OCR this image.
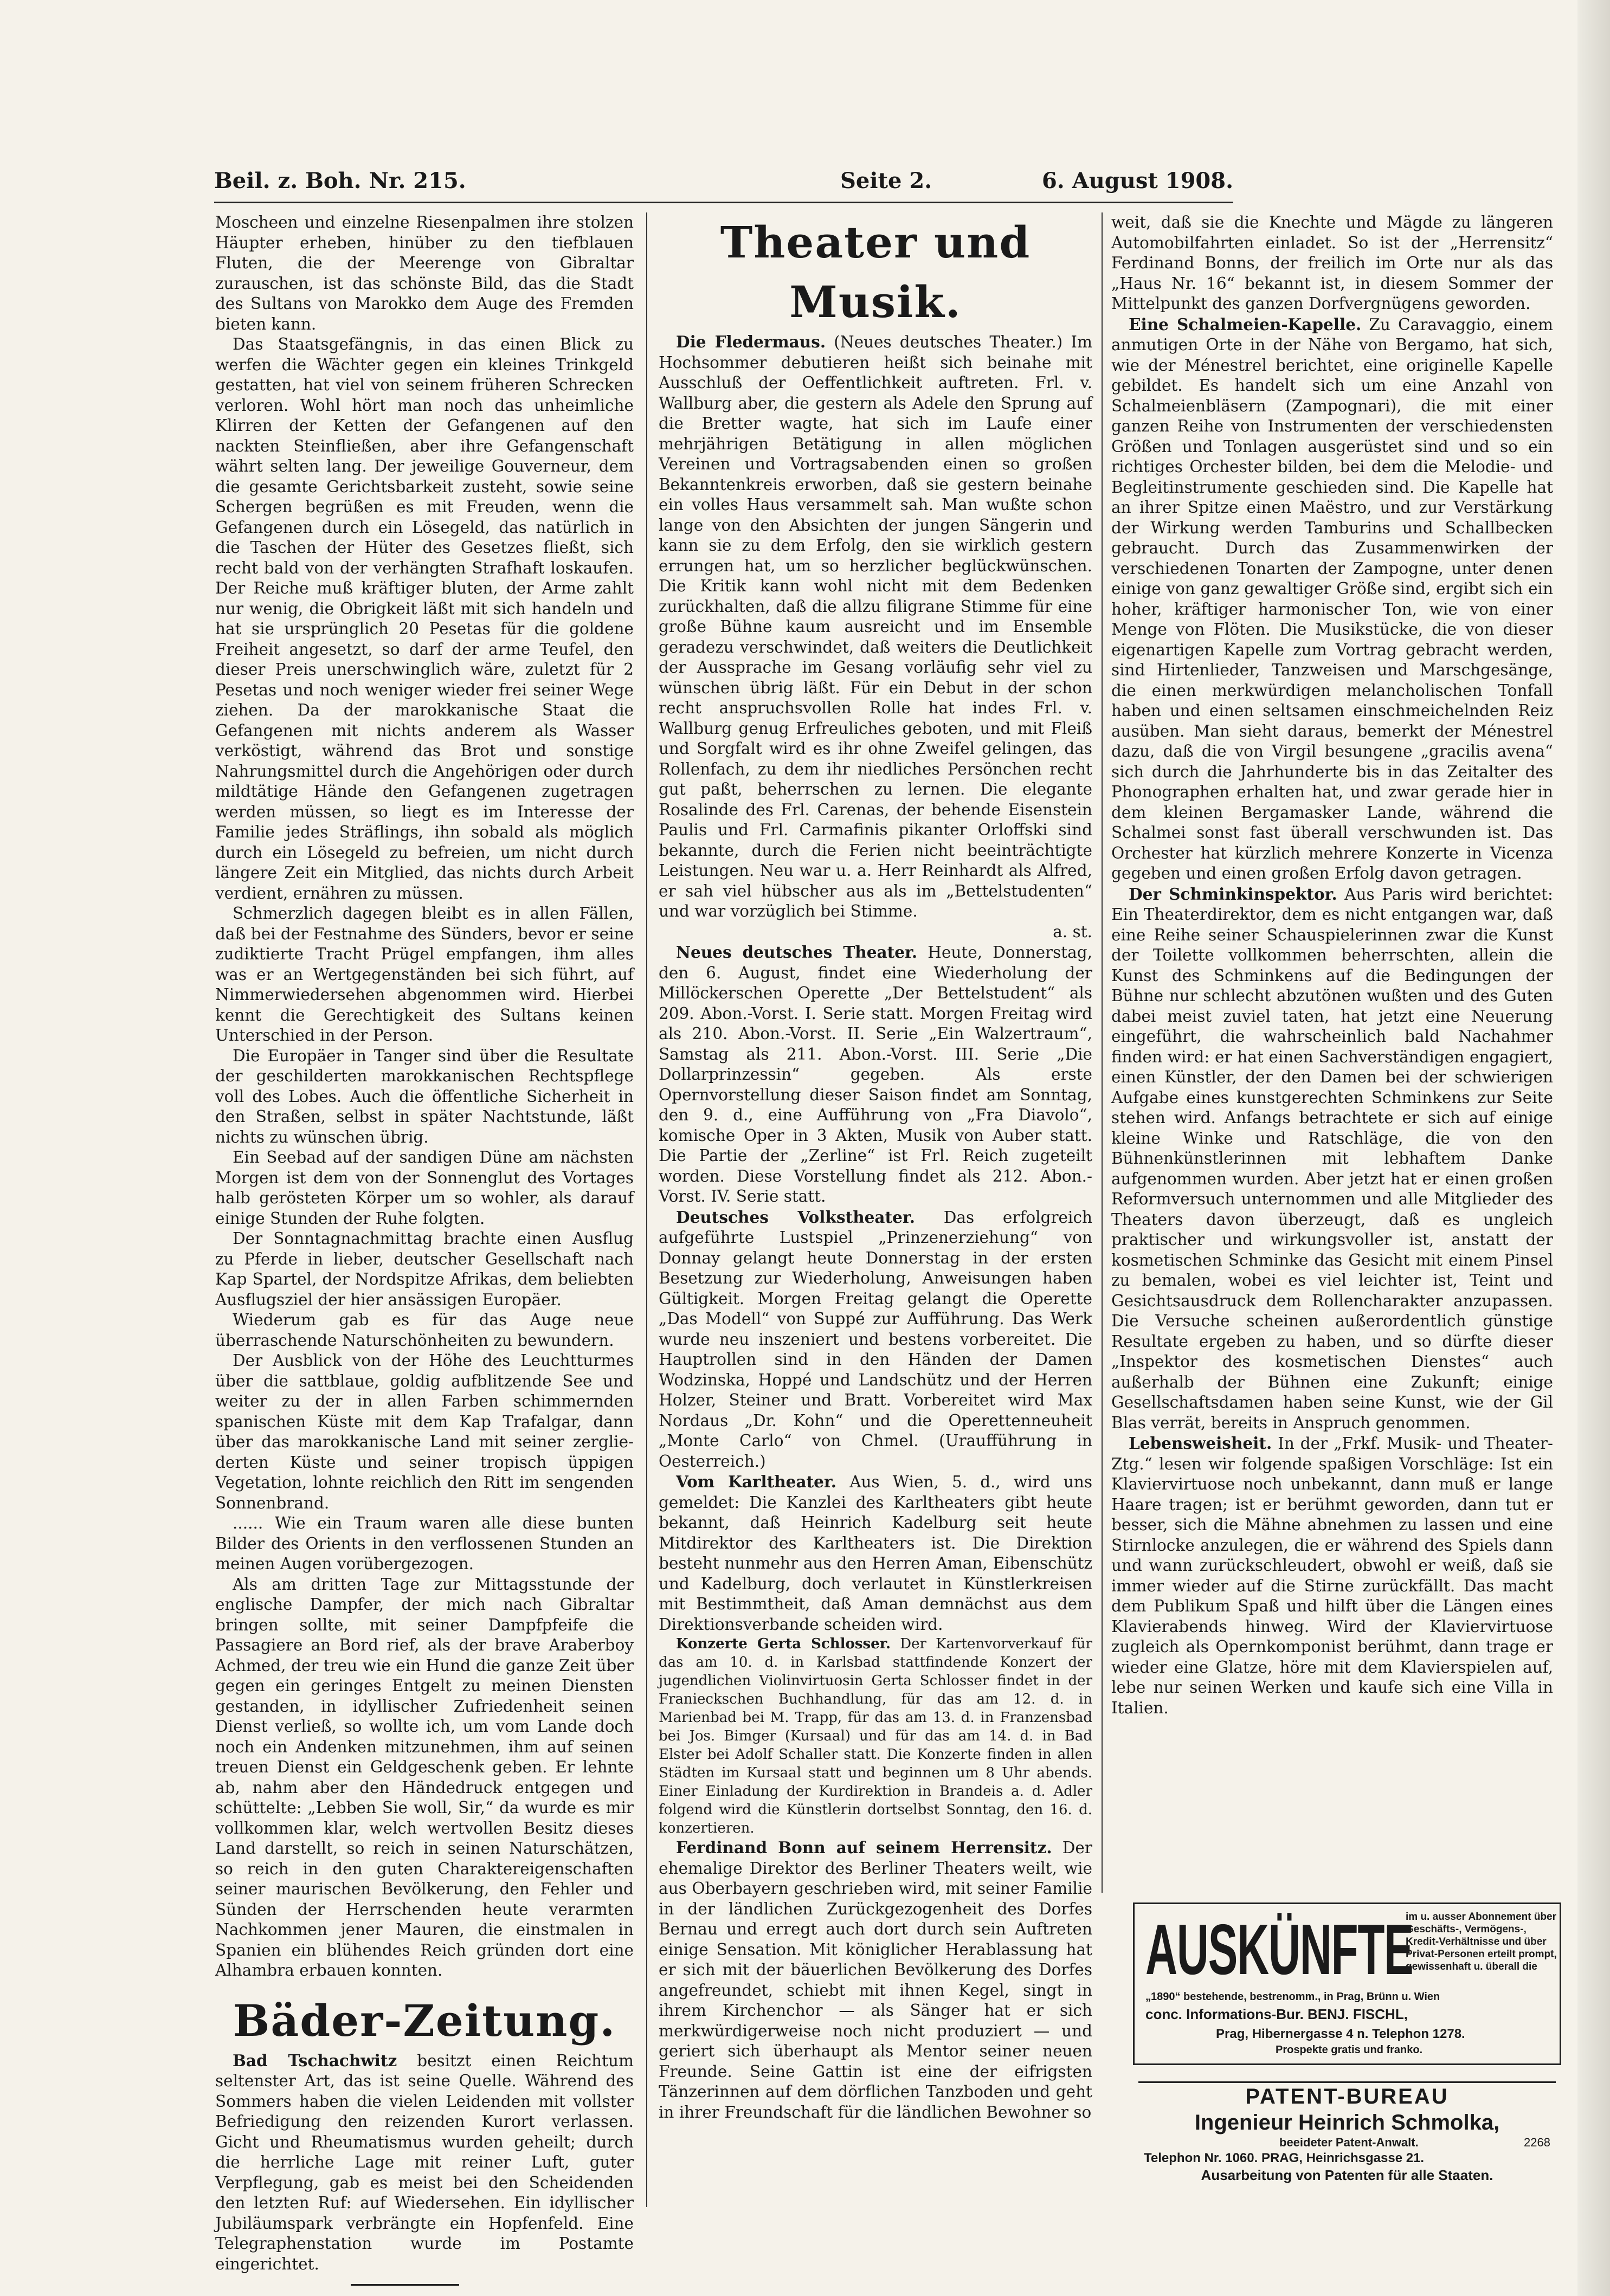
Beil. z. Boh. Nr. 215.	Seite 2.	6. August 1908.

Moscheen und einzelne Riesenpalmen ihre stolzen Häupter erheben, hinüber zu den tiefblauen Fluten, die der Meerenge von Gibraltar zurauschen, ist das schönste Bild, das die Stadt des Sultans von Marokko dem Auge des Fremden bieten kann.

Das Staatsgefängnis, in das einen Blick zu werfen die Wächter gegen ein kleines Trinkgeld gestatten, hat viel von seinem früheren Schrecken verloren. Wohl hört man noch das unheimliche Klirren der Ketten der Gefangenen auf den nackten Steinfließen, aber ihre Gefangenschaft währt selten lang. Der jeweilige Gouverneur, dem die gesamte Gerichtsbarkeit zusteht, sowie seine Schergen begrüßen es mit Freuden, wenn die Gefangenen durch ein Lösegeld, das natürlich in die Taschen der Hüter des Gesetzes fließt, sich recht bald von der verhängten Strafhaft loskaufen. Der Reiche muß kräftiger bluten, der Arme zahlt nur wenig, die Obrigkeit läßt mit sich handeln und hat sie ursprünglich 20 Pesetas für die goldene Freiheit angesetzt, so darf der arme Teufel, den dieser Preis unerschwinglich wäre, zuletzt für 2 Pesetas und noch weniger wieder frei seiner Wege ziehen. Da der marokkanische Staat die Gefangenen mit nichts anderem als Wasser verköstigt, während das Brot und sonstige Nahrungsmittel durch die Angehörigen oder durch mildtätige Hände den Gefangenen zugetragen werden müssen, so liegt es im Interesse der Familie jedes Sträflings, ihn sobald als möglich durch ein Lösegeld zu befreien, um nicht durch längere Zeit ein Mitglied, das nichts durch Arbeit verdient, ernähren zu müssen.

Schmerzlich dagegen bleibt es in allen Fällen, daß bei der Festnahme des Sünders, bevor er seine zudiktierte Tracht Prügel empfangen, ihm alles was er an Wertgegenständen bei sich führt, auf Nimmerwiedersehen abgenommen wird. Hierbei kennt die Gerechtigkeit des Sultans keinen Unterschied in der Person.

Die Europäer in Tanger sind über die Resultate der geschilderten marokkanischen Rechtspflege voll des Lobes. Auch die öffentliche Sicherheit in den Straßen, selbst in später Nachtstunde, läßt nichts zu wünschen übrig.

Ein Seebad auf der sandigen Düne am nächsten Morgen ist dem von der Sonnenglut des Vortages halb gerösteten Körper um so wohler, als darauf einige Stunden der Ruhe folgten.

Der Sonntagnachmittag brachte einen Ausflug zu Pferde in lieber, deutscher Gesellschaft nach Kap Spartel, der Nordspitze Afrikas, dem beliebten Ausflugsziel der hier ansässigen Europäer.

Wiederum gab es für das Auge neue überraschende Naturschönheiten zu bewundern.

Der Ausblick von der Höhe des Leuchtturmes über die sattblaue, goldig aufblitzende See und weiter zu der in allen Farben schimmernden spanischen Küste mit dem Kap Trafalgar, dann über das marokkanische Land mit seiner zergliederten Küste und seiner tropisch üppigen Vegetation, lohnte reichlich den Ritt im sengenden Sonnenbrand.

...... Wie ein Traum waren alle diese bunten Bilder des Orients in den verflossenen Stunden an meinen Augen vorübergezogen.

Als am dritten Tage zur Mittagsstunde der englische Dampfer, der mich nach Gibraltar bringen sollte, mit seiner Dampfpfeife die Passagiere an Bord rief, als der brave Araberboy Achmed, der treu wie ein Hund die ganze Zeit über gegen ein geringes Entgelt zu meinen Diensten gestanden, in idyllischer Zufriedenheit seinen Dienst verließ, so wollte ich, um vom Lande doch noch ein Andenken mitzunehmen, ihm auf seinen treuen Dienst ein Geldgeschenk geben. Er lehnte ab, nahm aber den Händedruck entgegen und schüttelte: „Lebben Sie woll, Sir,“ da wurde es mir vollkommen klar, welch wertvollen Besitz dieses Land darstellt, so reich in seinen Naturschätzen, so reich in den guten Charaktereigenschaften seiner maurischen Bevölkerung, den Fehler und Sünden der Herrschenden heute verarmten Nachkommen jener Mauren, die einstmalen in Spanien ein blühendes Reich gründen dort eine Alhambra erbauen konnten.

Bäder-Zeitung.

Bad Tschachwitz besitzt einen Reichtum seltenster Art, das ist seine Quelle. Während des Sommers haben die vielen Leidenden mit vollster Befriedigung den reizenden Kurort verlassen. Gicht und Rheumatismus wurden geheilt; durch die herrliche Lage mit reiner Luft, guter Verpflegung, gab es meist bei den Scheidenden den letzten Ruf: auf Wiedersehen. Ein idyllischer Jubiläumspark verbrängte ein Hopfenfeld. Eine Telegraphenstation wurde im Postamte eingerichtet.

Theater und Musik.

Die Fledermaus. (Neues deutsches Theater.) Im Hochsommer debutieren heißt sich beinahe mit Ausschluß der Oeffentlichkeit auftreten. Frl. v. Wallburg aber, die gestern als Adele den Sprung auf die Bretter wagte, hat sich im Laufe einer mehrjährigen Betätigung in allen möglichen Vereinen und Vortragsabenden einen so großen Bekanntenkreis erworben, daß sie gestern beinahe ein volles Haus versammelt sah. Man wußte schon lange von den Absichten der jungen Sängerin und kann sie zu dem Erfolg, den sie wirklich gestern errungen hat, um so herzlicher beglückwünschen. Die Kritik kann wohl nicht mit dem Bedenken zurückhalten, daß die allzu filigrane Stimme für eine große Bühne kaum ausreicht und im Ensemble geradezu verschwindet, daß weiters die Deutlichkeit der Aussprache im Gesang vorläufig sehr viel zu wünschen übrig läßt. Für ein Debut in der schon recht anspruchsvollen Rolle hat indes Frl. v. Wallburg genug Erfreuliches geboten, und mit Fleiß und Sorgfalt wird es ihr ohne Zweifel gelingen, das Rollenfach, zu dem ihr niedliches Persönchen recht gut paßt, beherrschen zu lernen. Die elegante Rosalinde des Frl. Carenas, der behende Eisenstein Paulis und Frl. Carmafinis pikanter Orloffski sind bekannte, durch die Ferien nicht beeinträchtigte Leistungen. Neu war u. a. Herr Reinhardt als Alfred, er sah viel hübscher aus als im „Bettelstudenten“ und war vorzüglich bei Stimme.

a. st.

Neues deutsches Theater. Heute, Donnerstag, den 6. August, findet eine Wiederholung der Millöckerschen Operette „Der Bettelstudent“ als 209. Abon.-Vorst. I. Serie statt. Morgen Freitag wird als 210. Abon.-Vorst. II. Serie „Ein Walzertraum“, Samstag als 211. Abon.-Vorst. III. Serie „Die Dollarprinzessin“ gegeben. Als erste Opernvorstellung dieser Saison findet am Sonntag, den 9. d., eine Aufführung von „Fra Diavolo“, komische Oper in 3 Akten, Musik von Auber statt. Die Partie der „Zerline“ ist Frl. Reich zugeteilt worden. Diese Vorstellung findet als 212. Abon.-Vorst. IV. Serie statt.

Deutsches Volkstheater. Das erfolgreich aufgeführte Lustspiel „Prinzenerziehung“ von Donnay gelangt heute Donnerstag in der ersten Besetzung zur Wiederholung, Anweisungen haben Gültigkeit. Morgen Freitag gelangt die Operette „Das Modell“ von Suppé zur Aufführung. Das Werk wurde neu inszeniert und bestens vorbereitet. Die Hauptrollen sind in den Händen der Damen Wodzinska, Hoppé und Landschütz und der Herren Holzer, Steiner und Bratt. Vorbereitet wird Max Nordaus „Dr. Kohn“ und die Operettenneuheit „Monte Carlo“ von Chmel. (Uraufführung in Oesterreich.)

Vom Karltheater. Aus Wien, 5. d., wird uns gemeldet: Die Kanzlei des Karltheaters gibt heute bekannt, daß Heinrich Kadelburg seit heute Mitdirektor des Karltheaters ist. Die Direktion besteht nunmehr aus den Herren Aman, Eibenschütz und Kadelburg, doch verlautet in Künstlerkreisen mit Bestimmtheit, daß Aman demnächst aus dem Direktionsverbande scheiden wird.

Konzerte Gerta Schlosser. Der Kartenvorverkauf für das am 10. d. in Karlsbad stattfindende Konzert der jugendlichen Violinvirtuosin Gerta Schlosser findet in der Franieckschen Buchhandlung, für das am 12. d. in Marienbad bei M. Trapp, für das am 13. d. in Franzensbad bei Jos. Bimger (Kursaal) und für das am 14. d. in Bad Elster bei Adolf Schaller statt. Die Konzerte finden in allen Städten im Kursaal statt und beginnen um 8 Uhr abends. Einer Einladung der Kurdirektion in Brandeis a. d. Adler folgend wird die Künstlerin dortselbst Sonntag, den 16. d. konzertieren.

Ferdinand Bonn auf seinem Herrensitz. Der ehemalige Direktor des Berliner Theaters weilt, wie aus Oberbayern geschrieben wird, mit seiner Familie in der ländlichen Zurückgezogenheit des Dorfes Bernau und erregt auch dort durch sein Auftreten einige Sensation. Mit königlicher Herablassung hat er sich mit der bäuerlichen Bevölkerung des Dorfes angefreundet, schiebt mit ihnen Kegel, singt in ihrem Kirchenchor — als Sänger hat er sich merkwürdigerweise noch nicht produziert — und geriert sich überhaupt als Mentor seiner neuen Freunde. Seine Gattin ist eine der eifrigsten Tänzerinnen auf dem dörflichen Tanzboden und geht in ihrer Freundschaft für die ländlichen Bewohner so

weit, daß sie die Knechte und Mägde zu längeren Automobilfahrten einladet. So ist der „Herrensitz“ Ferdinand Bonns, der freilich im Orte nur als das „Haus Nr. 16“ bekannt ist, in diesem Sommer der Mittelpunkt des ganzen Dorfvergnügens geworden.

Eine Schalmeien-Kapelle. Zu Caravaggio, einem anmutigen Orte in der Nähe von Bergamo, hat sich, wie der Ménestrel berichtet, eine originelle Kapelle gebildet. Es handelt sich um eine Anzahl von Schalmeienbläsern (Zampognari), die mit einer ganzen Reihe von Instrumenten der verschiedensten Größen und Tonlagen ausgerüstet sind und so ein richtiges Orchester bilden, bei dem die Melodie- und Begleitinstrumente geschieden sind. Die Kapelle hat an ihrer Spitze einen Maëstro, und zur Verstärkung der Wirkung werden Tamburins und Schallbecken gebraucht. Durch das Zusammenwirken der verschiedenen Tonarten der Zampogne, unter denen einige von ganz gewaltiger Größe sind, ergibt sich ein hoher, kräftiger harmonischer Ton, wie von einer Menge von Flöten. Die Musikstücke, die von dieser eigenartigen Kapelle zum Vortrag gebracht werden, sind Hirtenlieder, Tanzweisen und Marschgesänge, die einen merkwürdigen melancholischen Tonfall haben und einen seltsamen einschmeichelnden Reiz ausüben. Man sieht daraus, bemerkt der Ménestrel dazu, daß die von Virgil besungene „gracilis avena“ sich durch die Jahrhunderte bis in das Zeitalter des Phonographen erhalten hat, und zwar gerade hier in dem kleinen Bergamasker Lande, während die Schalmei sonst fast überall verschwunden ist. Das Orchester hat kürzlich mehrere Konzerte in Vicenza gegeben und einen großen Erfolg davon getragen.

Der Schminkinspektor. Aus Paris wird berichtet: Ein Theaterdirektor, dem es nicht entgangen war, daß eine Reihe seiner Schauspielerinnen zwar die Kunst der Toilette vollkommen beherrschten, allein die Kunst des Schminkens auf die Bedingungen der Bühne nur schlecht abzutönen wußten und des Guten dabei meist zuviel taten, hat jetzt eine Neuerung eingeführt, die wahrscheinlich bald Nachahmer finden wird: er hat einen Sachverständigen engagiert, einen Künstler, der den Damen bei der schwierigen Aufgabe eines kunstgerechten Schminkens zur Seite stehen wird. Anfangs betrachtete er sich auf einige kleine Winke und Ratschläge, die von den Bühnenkünstlerinnen mit lebhaftem Danke aufgenommen wurden. Aber jetzt hat er einen großen Reformversuch unternommen und alle Mitglieder des Theaters davon überzeugt, daß es ungleich praktischer und wirkungsvoller ist, anstatt der kosmetischen Schminke das Gesicht mit einem Pinsel zu bemalen, wobei es viel leichter ist, Teint und Gesichtsausdruck dem Rollencharakter anzupassen. Die Versuche scheinen außerordentlich günstige Resultate ergeben zu haben, und so dürfte dieser „Inspektor des kosmetischen Dienstes“ auch außerhalb der Bühnen eine Zukunft; einige Gesellschaftsdamen haben seine Kunst, wie der Gil Blas verrät, bereits in Anspruch genommen.

Lebensweisheit. In der „Frkf. Musik- und Theater-Ztg.“ lesen wir folgende spaßigen Vorschläge: Ist ein Klaviervirtuose noch unbekannt, dann muß er lange Haare tragen; ist er berühmt geworden, dann tut er besser, sich die Mähne abnehmen zu lassen und eine Stirnlocke anzulegen, die er während des Spiels dann und wann zurückschleudert, obwohl er weiß, daß sie immer wieder auf die Stirne zurückfällt. Das macht dem Publikum Spaß und hilft über die Längen eines Klavierabends hinweg. Wird der Klaviervirtuose zugleich als Opernkomponist berühmt, dann trage er wieder eine Glatze, höre mit dem Klavierspielen auf, lebe nur seinen Werken und kaufe sich eine Villa in Italien.

AUSKÜNFTE
im u. ausser Abonnement über Geschäfts-, Vermögens-, Kredit-Verhältnisse und über Privat-Personen erteilt prompt, gewissenhaft u. überall die
„1890“ bestehende, bestrenomm., in Prag, Brünn u. Wien
conc. Informations-Bur. BENJ. FISCHL,
Prag, Hibernergasse 4 n. Telephon 1278.
Prospekte gratis und franko.
PATENT-BUREAU
Ingenieur Heinrich Schmolka,
2268
beeideter Patent-Anwalt.
Telephon Nr. 1060. PRAG, Heinrichsgasse 21.
Ausarbeitung von Patenten für alle Staaten.
